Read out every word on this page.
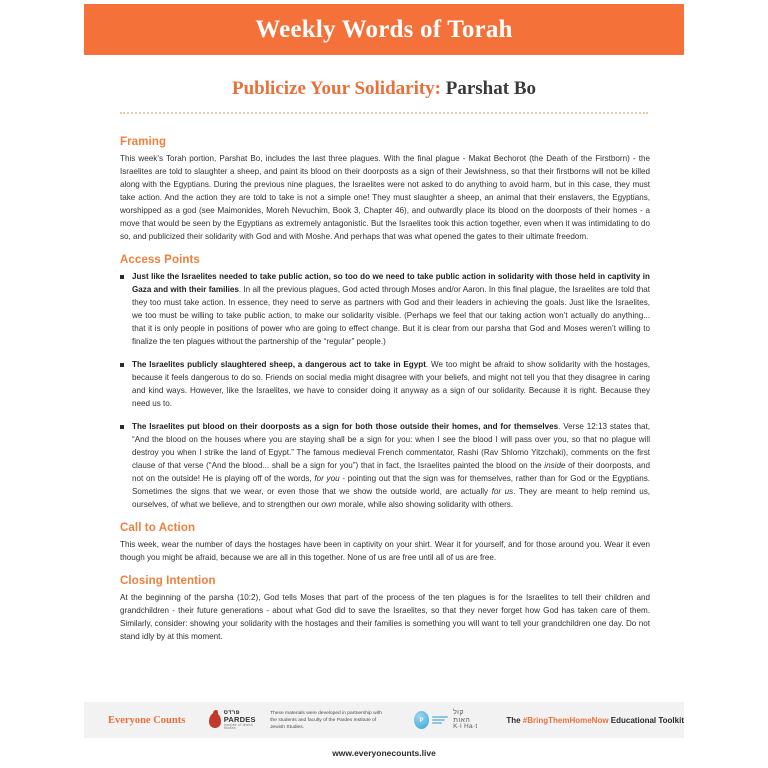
Weekly Words of Torah
Publicize Your Solidarity: Parshat Bo
Framing

This week’s Torah portion, Parshat Bo, includes the last three plagues. With the final plague - Makat Bechorot (the Death of the Firstborn) - the Israelites are told to slaughter a sheep, and paint its blood on their doorposts as a sign of their Jewishness, so that their firstborns will not be killed along with the Egyptians. During the previous nine plagues, the Israelites were not asked to do anything to avoid harm, but in this case, they must take action. And the action they are told to take is not a simple one! They must slaughter a sheep, an animal that their enslavers, the Egyptians, worshipped as a god (see Maimonides, Moreh Nevuchim, Book 3, Chapter 46), and outwardly place its blood on the doorposts of their homes - a move that would be seen by the Egyptians as extremely antagonistic. But the Israelites took this action together, even when it was intimidating to do so, and publicized their solidarity with God and with Moshe. And perhaps that was what opened the gates to their ultimate freedom.

Access Points
Just like the Israelites needed to take public action, so too do we need to take public action in solidarity with those held in captivity in Gaza and with their families. In all the previous plagues, God acted through Moses and/or Aaron. In this final plague, the Israelites are told that they too must take action. In essence, they need to serve as partners with God and their leaders in achieving the goals. Just like the Israelites, we too must be willing to take public action, to make our solidarity visible. (Perhaps we feel that our taking action won’t actually do anything... that it is only people in positions of power who are going to effect change. But it is clear from our parsha that God and Moses weren’t willing to finalize the ten plagues without the partnership of the “regular” people.)
The Israelites publicly slaughtered sheep, a dangerous act to take in Egypt. We too might be afraid to show solidarity with the hostages, because it feels dangerous to do so. Friends on social media might disagree with your beliefs, and might not tell you that they disagree in caring and kind ways. However, like the Israelites, we have to consider doing it anyway as a sign of our solidarity. Because it is right. Because they need us to.
The Israelites put blood on their doorposts as a sign for both those outside their homes, and for themselves. Verse 12:13 states that, “And the blood on the houses where you are staying shall be a sign for you: when I see the blood I will pass over you, so that no plague will destroy you when I strike the land of Egypt.” The famous medieval French commentator, Rashi (Rav Shlomo Yitzchaki), comments on the first clause of that verse (“And the blood... shall be a sign for you”) that in fact, the Israelites painted the blood on the inside of their doorposts, and not on the outside! He is playing off of the words, for you - pointing out that the sign was for themselves, rather than for God or the Egyptians. Sometimes the signs that we wear, or even those that we show the outside world, are actually for us. They are meant to help remind us, ourselves, of what we believe, and to strengthen our own morale, while also showing solidarity with others.
Call to Action

This week, wear the number of days the hostages have been in captivity on your shirt. Wear it for yourself, and for those around you. Wear it even though you might be afraid, because we are all in this together. None of us are free until all of us are free.

Closing Intention

At the beginning of the parsha (10:2), God tells Moses that part of the process of the ten plagues is for the Israelites to tell their children and grandchildren - their future generations - about what God did to save the Israelites, so that they never forget how God has taken care of them. Similarly, consider: showing your solidarity with the hostages and their families is something you will want to tell your grandchildren one day. Do not stand idly by at this moment.

Everyone Counts
פרדס
PARDES
Institute of Jewish Studies
These materials were developed in partnership with the students and faculty of the Pardes Institute of Jewish Studies.
ק
קול האות
K·l Ha·t
The #BringThemHomeNow Educational Toolkit
www.everyonecounts.live
